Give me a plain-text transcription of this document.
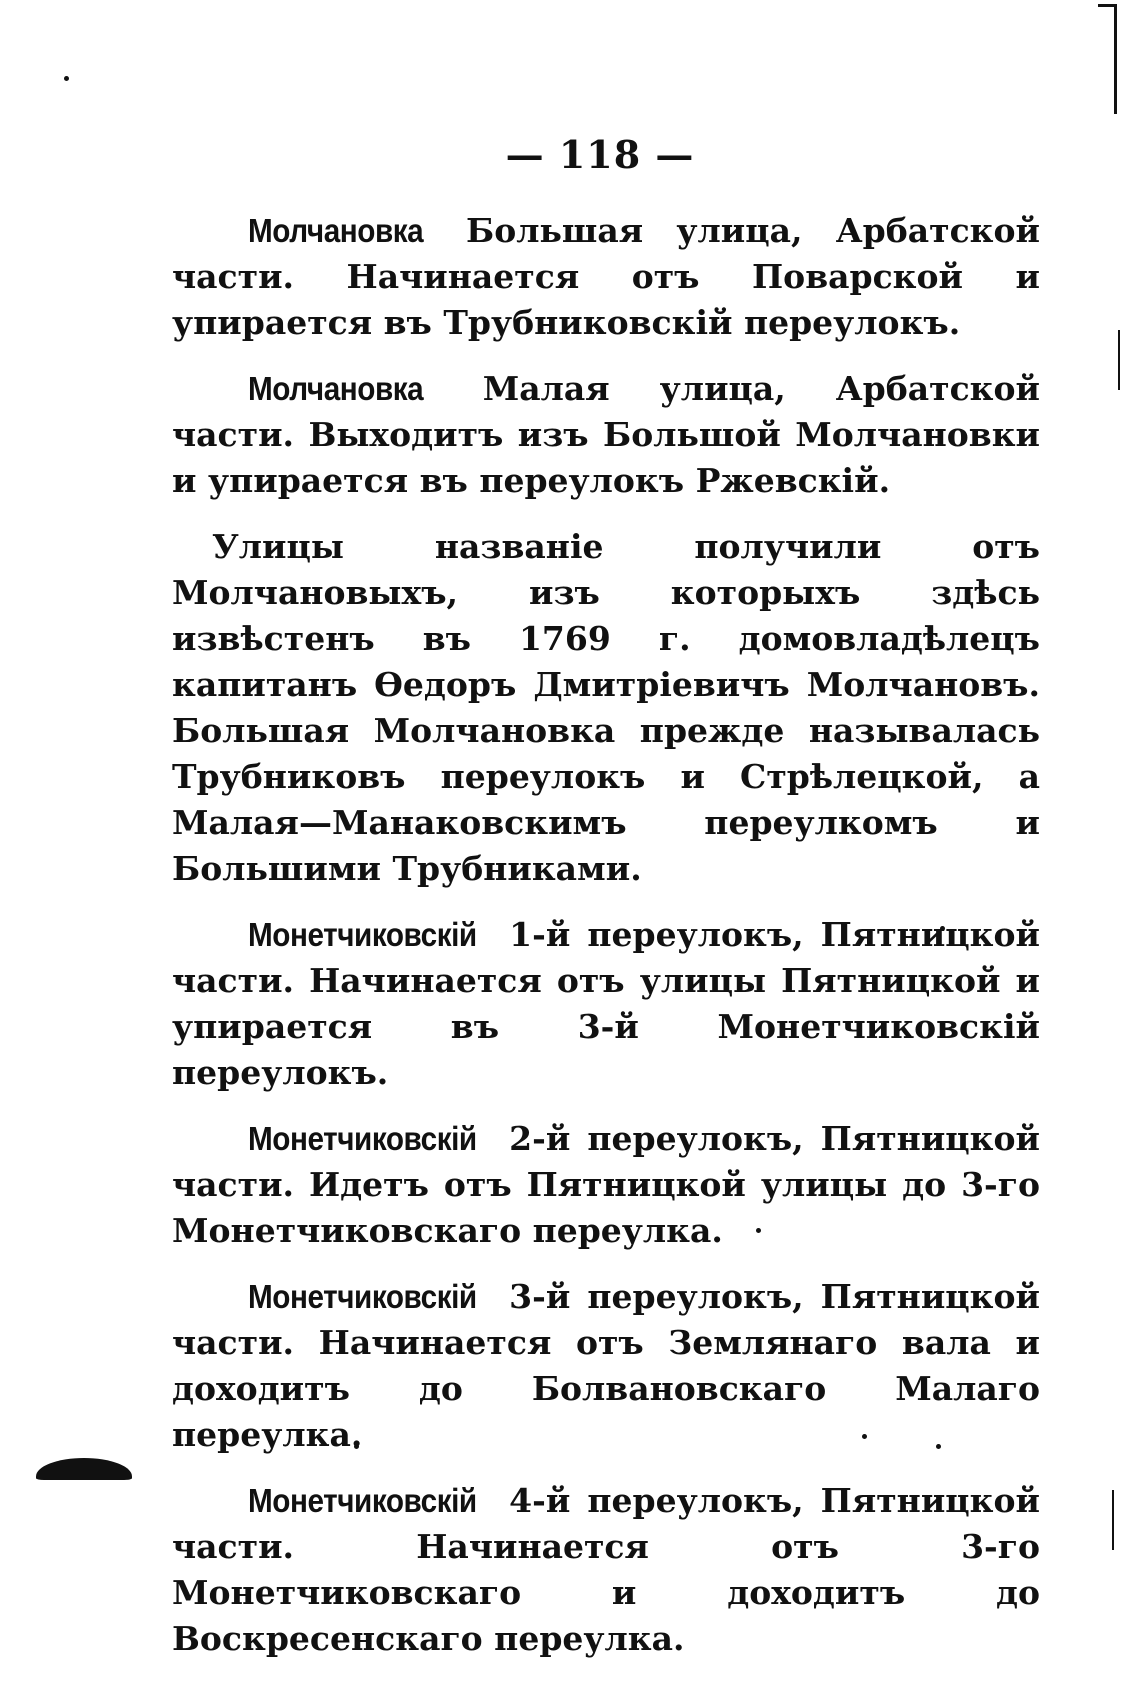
— 118 —

Молчановка Большая улица, Арбатской части. Начинается отъ Поварской и упирается въ Трубниковскій переулокъ.

Молчановка Малая улица, Арбатской части. Выходитъ изъ Большой Молчановки и упирается въ переулокъ Ржевскій.

Улицы названіе получили отъ Молчановыхъ, изъ которыхъ здѣсь извѣстенъ въ 1769 г. домовладѣлецъ капитанъ Ѳедоръ Дмитріевичъ Молчановъ. Большая Молчановка прежде называлась Трубниковъ переулокъ и Стрѣлецкой, а Малая—Манаковскимъ переулкомъ и Большими Трубниками.

Монетчиковскій 1-й переулокъ, Пятницкой части. Начинается отъ улицы Пятницкой и упирается въ 3-й Монетчиковскій переулокъ.

Монетчиковскій 2-й переулокъ, Пятницкой части. Идетъ отъ Пятницкой улицы до 3-го Монетчиковскаго переулка.

Монетчиковскій 3-й переулокъ, Пятницкой части. Начинается отъ Землянаго вала и доходитъ до Болвановскаго Малаго переулка.

Монетчиковскій 4-й переулокъ, Пятницкой части. Начинается отъ 3-го Монетчиковскаго и доходитъ до Воскресенскаго переулка.
